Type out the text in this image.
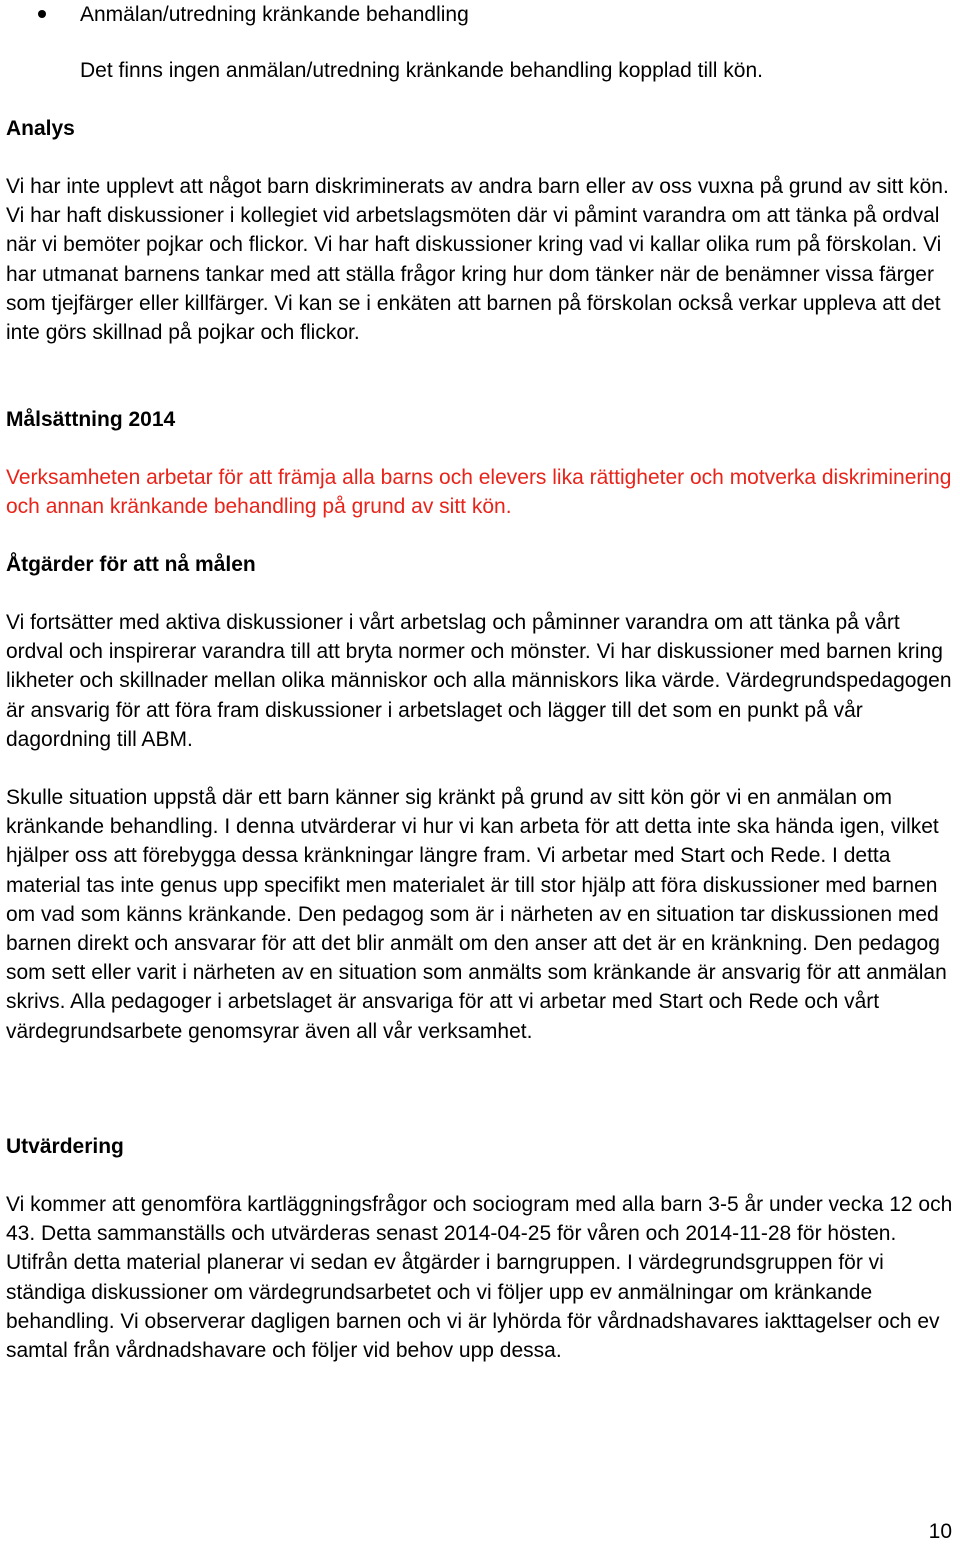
Anmälan/utredning kränkande behandling
Det finns ingen anmälan/utredning kränkande behandling kopplad till kön.
Analys

Vi har inte upplevt att något barn diskriminerats av andra barn eller av oss vuxna på grund av sitt kön. Vi har haft diskussioner i kollegiet vid arbetslagsmöten där vi påmint varandra om att tänka på ordval när vi bemöter pojkar och flickor. Vi har haft diskussioner kring vad vi kallar olika rum på förskolan. Vi har utmanat barnens tankar med att ställa frågor kring hur dom tänker när de benämner vissa färger som tjejfärger eller killfärger. Vi kan se i enkäten att barnen på förskolan också verkar uppleva att det inte görs skillnad på pojkar och flickor.

Målsättning 2014

Verksamheten arbetar för att främja alla barns och elevers lika rättigheter och motverka diskriminering och annan kränkande behandling på grund av sitt kön.

Åtgärder för att nå målen

Vi fortsätter med aktiva diskussioner i vårt arbetslag och påminner varandra om att tänka på vårt ordval och inspirerar varandra till att bryta normer och mönster. Vi har diskussioner med barnen kring likheter och skillnader mellan olika människor och alla människors lika värde. Värdegrundspedagogen är ansvarig för att föra fram diskussioner i arbetslaget och lägger till det som en punkt på vår dagordning till ABM.

Skulle situation uppstå där ett barn känner sig kränkt på grund av sitt kön gör vi en anmälan om kränkande behandling. I denna utvärderar vi hur vi kan arbeta för att detta inte ska hända igen, vilket hjälper oss att förebygga dessa kränkningar längre fram. Vi arbetar med Start och Rede. I detta material tas inte genus upp specifikt men materialet är till stor hjälp att föra diskussioner med barnen om vad som känns kränkande. Den pedagog som är i närheten av en situation tar diskussionen med barnen direkt och ansvarar för att det blir anmält om den anser att det är en kränkning. Den pedagog som sett eller varit i närheten av en situation som anmälts som kränkande är ansvarig för att anmälan skrivs. Alla pedagoger i arbetslaget är ansvariga för att vi arbetar med Start och Rede och vårt värdegrundsarbete genomsyrar även all vår verksamhet.

Utvärdering

Vi kommer att genomföra kartläggningsfrågor och sociogram med alla barn 3-5 år under vecka 12 och 43. Detta sammanställs och utvärderas senast 2014-04-25 för våren och 2014-11-28 för hösten. Utifrån detta material planerar vi sedan ev åtgärder i barngruppen. I värdegrundsgruppen för vi ständiga diskussioner om värdegrundsarbetet och vi följer upp ev anmälningar om kränkande behandling. Vi observerar dagligen barnen och vi är lyhörda för vårdnadshavares iakttagelser och ev samtal från vårdnadshavare och följer vid behov upp dessa.

10
